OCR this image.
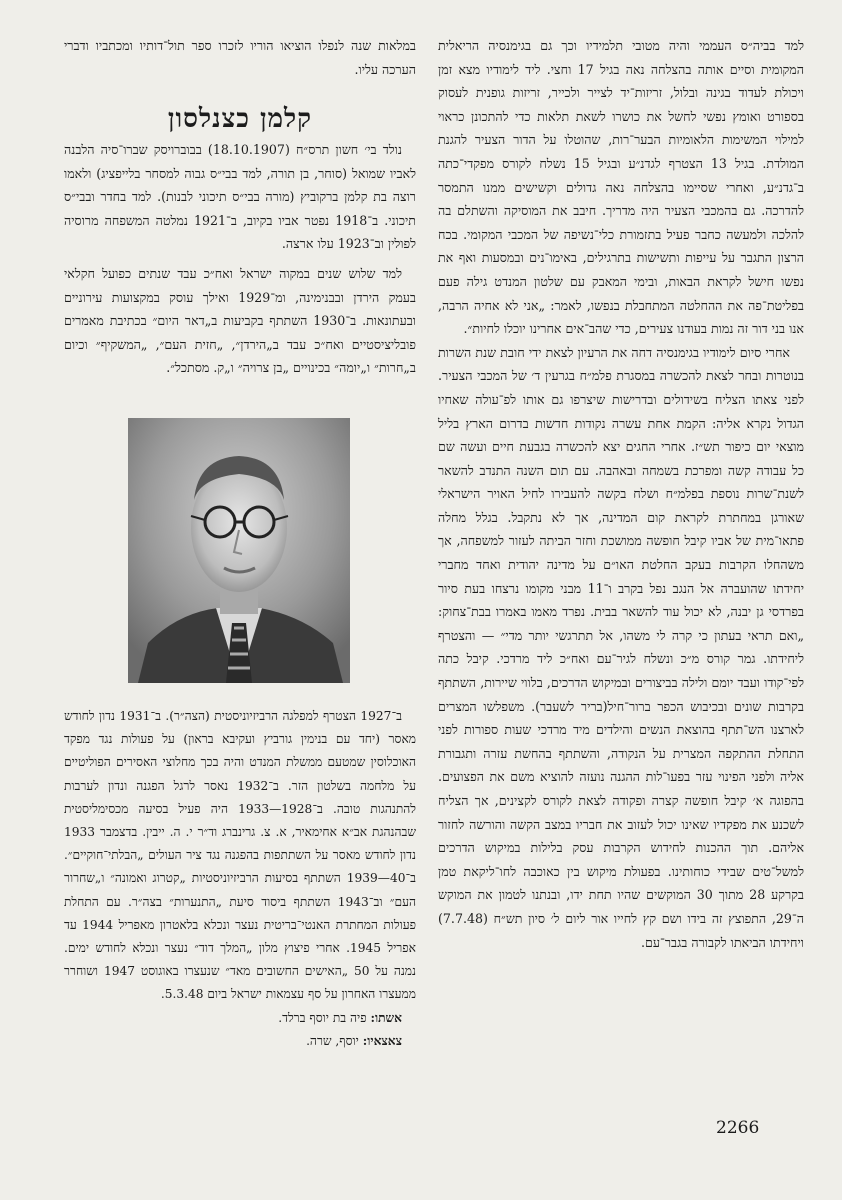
למד בביה״ס העממי והיה מטובי תלמידיו וכך גם בגימנסיה הריאלית המקומית וסיים אותה בהצלחה נאה בגיל 17 וחצי. ליד לימודיו מצא זמן ויכולת לעדוד בגינה ובלול, זריזות־יד לצייר ולכייר, זריזות גופנית לעסוק בספורט ואומץ נפשי לחשל את כושרו לשאת תלאות כדי להתכונן כראוי למילוי המשימות הלאומיות הבער־רות, שהוטלו על הדור הצעיר להגנת המולדת. בגיל 13 הצטרף לגדנ״ע ובגיל 15 נשלח לקורס מפקדי־כתה ב־גדנ״ע, ואחרי שסיימו בהצלחה נאה גדולים וקשישים ממנו התמסר להדרכה. גם בהמכבי הצעיר היה מדריך. חיבב את המוסיקה והשתלם בה להלכה ולמעשה כחבר פעיל בתזמורת כלי־נשיפה של המכבי המקומי. בכח הרצון התגבר על עייפות ותשישות בתרגילים, באימו־נים ובמסעות ואף את נפשו חישל לקראת הבאות, ובימי המאבק עם שלטון המנדט גילה פעם בפליטת־פה את ההחלטה המתחבלת בנפשו, לאמר: „אני לא אחיה הרבה, אנו בני דור זה נמות בעודנו צעירים, כדי שהב־אים אחרינו יוכלו לחיות״.

אחרי סיום לימודיו בגימנסיה דחה את הרעיון לצאת ידי חובת שנת השרות בנוטרות ובחר לצאת להכשרה במסגרת פלמ״ח בגרעין ד׳ של המכבי הצעיר. לפני צאתו הצליח בשידולים ובדרישות שיצרפו גם אותו לפ־עולה שאחיו הגדול נקרא אליה: הקמת אחת עשרה נקודות חדשות בדרום הארץ בליל מוצאי יום כיפור תש״ז. אחרי החגים יצא להכשרה בגבעת חיים ועשה שם כל עבודה קשה ומפרכת בשמחה ובאהבה. עם תום השנה התנדב להשאר לשנת־שרות נוספת בפלמ״ח ושלח בקשה להעבירו לחיל האויר הישראלי שאורגן במחתרת לקראת קום המדינה, אך לא נתקבל. בגלל מחלה פתאו־מית של אביו קיבל חופשה ממושכת וחזר הביתה לעזור למשפחה, אך משהחלו הקרבות בעקב החלטת האו״ם על מדינה יהודית ואחד מחברי יחידתו שהועברה אל הנגב נפל בקרב ו־11 מבני מקומו נרצחו בעת סיור בפרדסי גן יבנה, לא יכול עוד להשאר בבית. נפרד מאמו באמרו בבת־צחוק: „ואם תראי בעתון כי קרה לי משהו, אל תתרגשי יותר מדי״ — והצטרף ליחידתו. גמר קורס מ״כ ונשלח לגיר־עם ואח״כ ליד מרדכי. קיבל כתה לפי־קודו ועבד יומם ולילה בביצורים ובמיקוש הדרכים, בלווי שיירות, השתתף בקרבות שונים ובכיבוש הכפר ברור־חיל(בריר לשעבר). משפלשו המצרים לארצנו הש־תתף בהוצאת הנשים והילדים מיד מרדכי שעות ספורות לפני התחלת ההתקפה המצרית על הנקודה, והשתתף בהחשת עזרה ותגבורת אליה ולפני הפינוי עזר בפעו־לות ההגנה נועזה להוציא משם את הפצועים. בהפוגה א׳ קיבל חופשה קצרה ופקודה לצאת לקורס לקצינים, אך הצליח לשכנע את מפקדיו שאינו יכול לעזוב את חבריו במצב הקשה והורשה לחזור אליהם. תוך ההכנות לחידוש הקרבות עסק בלילות במיקוש הדרכים למשל־טים שבידי כוחותינו. בפעולת מיקוש בין כאוכבה לחו־ליקאת טמן בקרקע 28 מתוך 30 המוקשים שהיו תחת ידו, ובנתנו לטמון את המוקש ה־29, התפוצץ זה בידו ושם קץ לחייו אור ליום ל׳ סיון תש״ח (7.7.48) ויחידתו הביאתו לקבורה בגבר־עם.

במלאות שנה לנפלו הוציאו הוריו לזכרו ספר תול־דותיו ומכתביו ודברי הערכה עליו.

קלמן כצנלסון

נולד בי׳ חשון תרס״ח (18.10.1907) בבוברויסק שברו־סיה הלבנה לאביו שמואל (סוחר, בן תורה, למד בבי״ס גבוה למסחר בלייפציג) ולאמו רוצה בת קלמן ברקוביץ (מורה בבי״ס תיכוני לבנות). למד בחדר ובבי״ס תיכוני. ב־1918 נפטר אביו בקיוב, ב־1921 נמלטה המשפחה מרוסיה לפולין וב־1923 עלו ארצה.

למד שלוש שנים במקוה ישראל ואח״כ עבד שנתים כפועל חקלאי בעמק הירדן ובבנימינה, ומ־1929 ואילך עוסק במקצועות עירוניים ובעתונאות. ב־1930 השתתף בקביעות ב„דאר היום״ בכתיבת מאמרים פובליציסטיים ואח״כ עבד ב„הירדן״, „חזית העם״, „המשקיף״ וכיום ב„חרות״ ו„יומה״ בכינויים „בן צרויה״ ו„ק. מסתכל״.

ב־1927 הצטרף למפלגה הרביזיוניסטית (הצה״ר). ב־1931 נדון לחודש מאסר (יחד עם בנימין גורביץ ועקיבא בראון) על פעולות נגד מפקד האוכלוסין שמטעם ממשלת המנדט והיה בכך מחלוצי האסירים הפוליטיים על מלחמה בשלטון הזר. ב־1932 נאסר לרגל הפגנה ונדון לערבות להתנהגות טובה. ב־1928—1933 היה פעיל בסיעה מכסימליסטית שבהנהגת אב״א אחימאיר, א. צ. גרינברג וד״ר י. ה. ייבין. בדצמבר 1933 נדון לחודש מאסר על השתתפות בהפגנה נגד ציר העולים „הבלתי־חוקיים״. ב־40—1939 השתתף בסיעות הרביזיוניסטיות „קטרוג ואמונה״ ו„שחרור העם״ וב־1943 השתתף ביסוד סיעת „התנערות״ בצה״ר. עם התחלת פעולות המחתרת האנטי־בריטית נעצר ונכלא בלאטרון מאפריל 1944 עד אפריל 1945. אחרי פיצוץ מלון „המלך דוד״ נעצר ונכלא לחודש ימים. נמנה על 50 „האישים החשובים מאד״ שנעצרו באוגוסט 1947 ושוחרר ממעצרו האחרון על סף עצמאות ישראל ביום 5.3.48.

אשתו: פיה בת יוסף ברלד.

צאצאיו: יוסף, שרה.

2266
